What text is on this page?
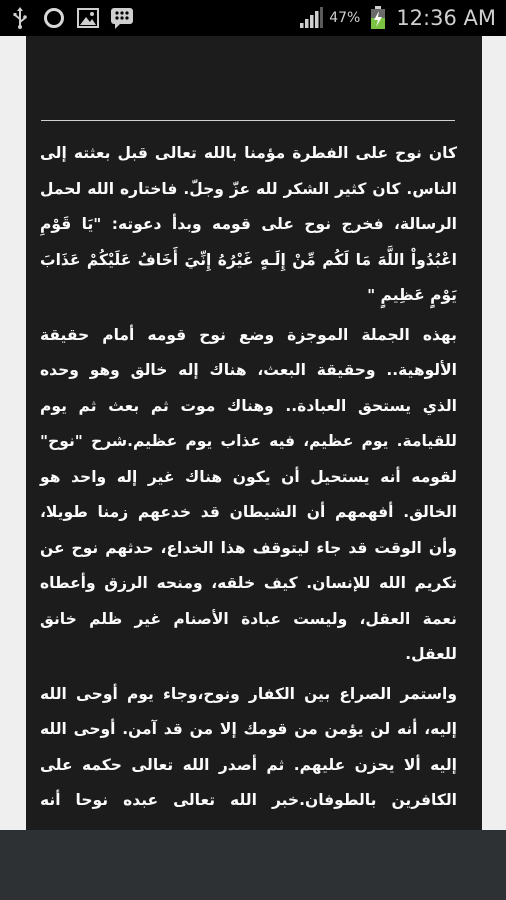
47% 12:36 AM

كان نوح على الفطرة مؤمنا بالله تعالى قبل بعثته إلى الناس. كان كثير الشكر لله عزّ وجلّ. فاختاره الله لحمل الرسالة، فخرج نوح على قومه وبدأ دعوته: "يَا قَوْمِ اعْبُدُواْ اللَّهَ مَا لَكُم مِّنْ إِلَـهٍ غَيْرُهُ إِنِّيَ أَخَافُ عَلَيْكُمْ عَذَابَ يَوْمٍ عَظِيمٍ "

بهذه الجملة الموجزة وضع نوح قومه أمام حقيقة الألوهية.. وحقيقة البعث، هناك إله خالق وهو وحده الذي يستحق العبادة.. وهناك موت ثم بعث ثم يوم للقيامة. يوم عظيم، فيه عذاب يوم عظيم.شرح "نوح" لقومه أنه يستحيل أن يكون هناك غير إله واحد هو الخالق. أفهمهم أن الشيطان قد خدعهم زمنا طويلا، وأن الوقت قد جاء ليتوقف هذا الخداع، حدثهم نوح عن تكريم الله للإنسان. كيف خلقه، ومنحه الرزق وأعطاه نعمة العقل، وليست عبادة الأصنام غير ظلم خانق للعقل.

واستمر الصراع بين الكفار ونوح،وجاء يوم أوحى الله إليه، أنه لن يؤمن من قومك إلا من قد آمن. أوحى الله إليه ألا يحزن عليهم. ثم أصدر الله تعالى حكمه على الكافرين بالطوفان.خبر الله تعالى عبده نوحا أنه
